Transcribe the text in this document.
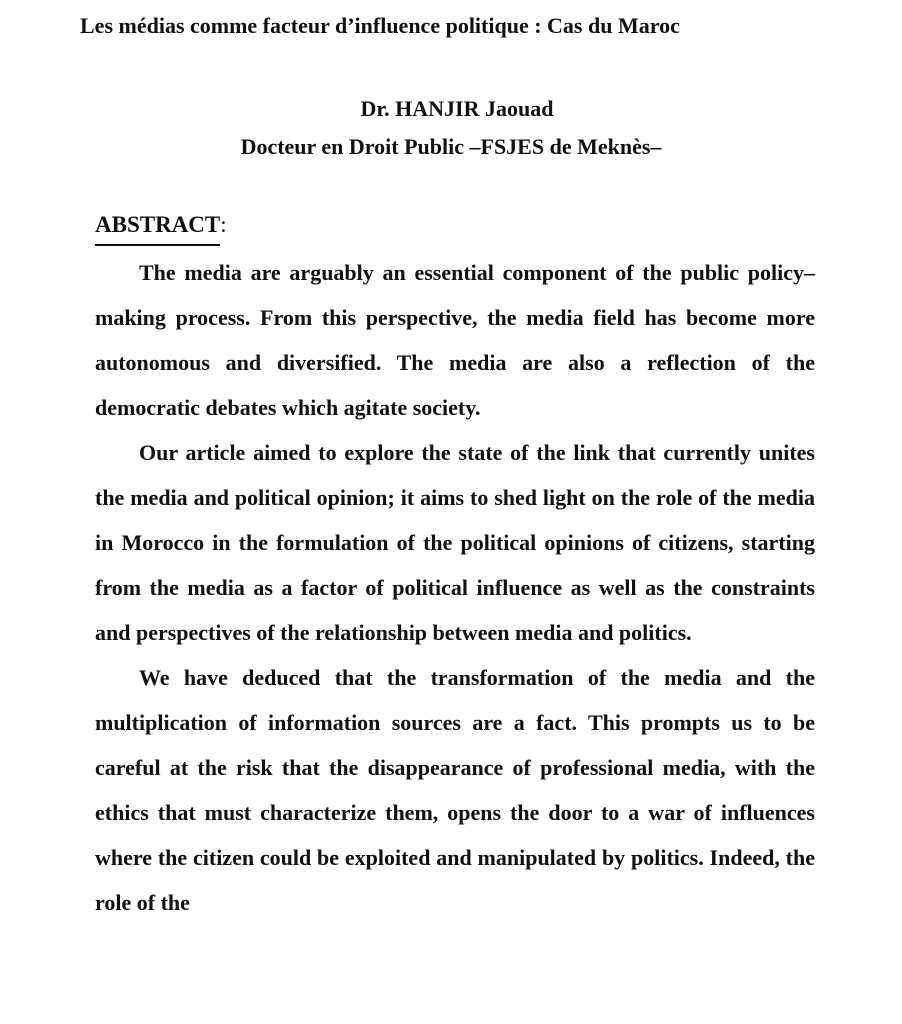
Les médias comme facteur d’influence politique : Cas du Maroc
Dr. HANJIR Jaouad
Docteur en Droit Public –FSJES de Meknès–
ABSTRACT:

The media are arguably an essential component of the public policy–making process. From this perspective, the media field has become more autonomous and diversified. The media are also a reflection of the democratic debates which agitate society.

Our article aimed to explore the state of the link that currently unites the media and political opinion; it aims to shed light on the role of the media in Morocco in the formulation of the political opinions of citizens, starting from the media as a factor of political influence as well as the constraints and perspectives of the relationship between media and politics.

We have deduced that the transformation of the media and the multiplication of information sources are a fact. This prompts us to be careful at the risk that the disappearance of professional media, with the ethics that must characterize them, opens the door to a war of influences where the citizen could be exploited and manipulated by politics. Indeed, the role of the
